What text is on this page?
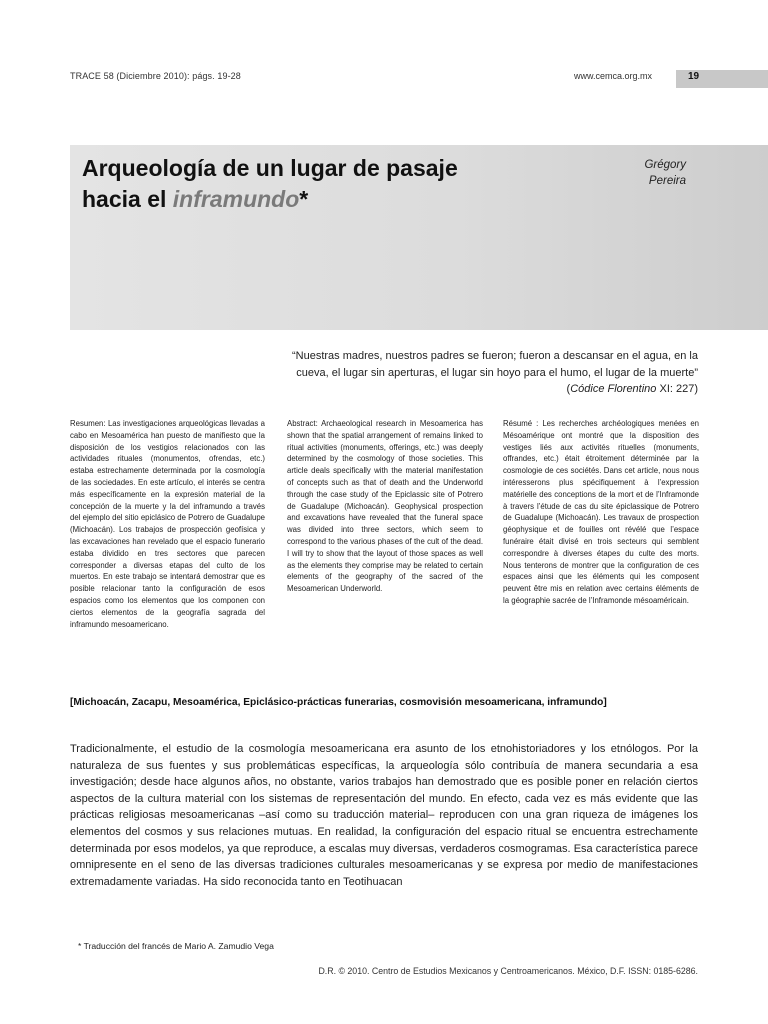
TRACE 58 (Diciembre 2010): págs. 19-28	www.cemca.org.mx	19
Arqueología de un lugar de pasaje
hacia el inframundo*
Grégory
Pereira
“Nuestras madres, nuestros padres se fueron; fueron a descansar en el agua, en la cueva, el lugar sin aperturas, el lugar sin hoyo para el humo, el lugar de la muerte” (Códice Florentino XI: 227)
Resumen: Las investigaciones arqueológicas llevadas a cabo en Mesoamérica han puesto de manifiesto que la disposición de los vestigios relacionados con las actividades rituales (monumentos, ofrendas, etc.) estaba estrechamente determinada por la cosmología de las sociedades. En este artículo, el interés se centra más específicamente en la expresión material de la concepción de la muerte y la del inframundo a través del ejemplo del sitio epiclásico de Potrero de Guadalupe (Michoacán). Los trabajos de prospección geofísica y las excavaciones han revelado que el espacio funerario estaba dividido en tres sectores que parecen corresponder a diversas etapas del culto de los muertos. En este trabajo se intentará demostrar que es posible relacionar tanto la configuración de esos espacios como los elementos que los componen con ciertos elementos de la geografía sagrada del inframundo mesoamericano.
Abstract: Archaeological research in Mesoamerica has shown that the spatial arrangement of remains linked to ritual activities (monuments, offerings, etc.) was deeply determined by the cosmology of those societies. This article deals specifically with the material manifestation of concepts such as that of death and the Underworld through the case study of the Epiclassic site of Potrero de Guadalupe (Michoacán). Geophysical prospection and excavations have revealed that the funeral space was divided into three sectors, which seem to correspond to the various phases of the cult of the dead. I will try to show that the layout of those spaces as well as the elements they comprise may be related to certain elements of the geography of the sacred of the Mesoamerican Underworld.
Résumé : Les recherches archéologiques menées en Mésoamérique ont montré que la disposition des vestiges liés aux activités rituelles (monuments, offrandes, etc.) était étroitement déterminée par la cosmologie de ces sociétés. Dans cet article, nous nous intéresserons plus spécifiquement à l’expression matérielle des conceptions de la mort et de l’Inframonde à travers l’étude de cas du site épiclassique de Potrero de Guadalupe (Michoacán). Les travaux de prospection géophysique et de fouilles ont révélé que l’espace funéraire était divisé en trois secteurs qui semblent correspondre à diverses étapes du culte des morts. Nous tenterons de montrer que la configuration de ces espaces ainsi que les éléments qui les composent peuvent être mis en relation avec certains éléments de la géographie sacrée de l’Inframonde mésoaméricain.
[Michoacán, Zacapu, Mesoamérica, Epiclásico-prácticas funerarias, cosmovisión mesoamericana, inframundo]
Tradicionalmente, el estudio de la cosmología mesoamericana era asunto de los etnohistoriadores y los etnólogos. Por la naturaleza de sus fuentes y sus problemáticas específicas, la arqueología sólo contribuía de manera secundaria a esa investigación; desde hace algunos años, no obstante, varios trabajos han demostrado que es posible poner en relación ciertos aspectos de la cultura material con los sistemas de representación del mundo. En efecto, cada vez es más evidente que las prácticas religiosas mesoamericanas –así como su traducción material– reproducen con una gran riqueza de imágenes los elementos del cosmos y sus relaciones mutuas. En realidad, la configuración del espacio ritual se encuentra estrechamente determinada por esos modelos, ya que reproduce, a escalas muy diversas, verdaderos cosmogramas. Esa característica parece omnipresente en el seno de las diversas tradiciones culturales mesoamericanas y se expresa por medio de manifestaciones extremadamente variadas. Ha sido reconocida tanto en Teotihuacan
* Traducción del francés de Mario A. Zamudio Vega
D.R. © 2010. Centro de Estudios Mexicanos y Centroamericanos. México, D.F. ISSN: 0185-6286.
